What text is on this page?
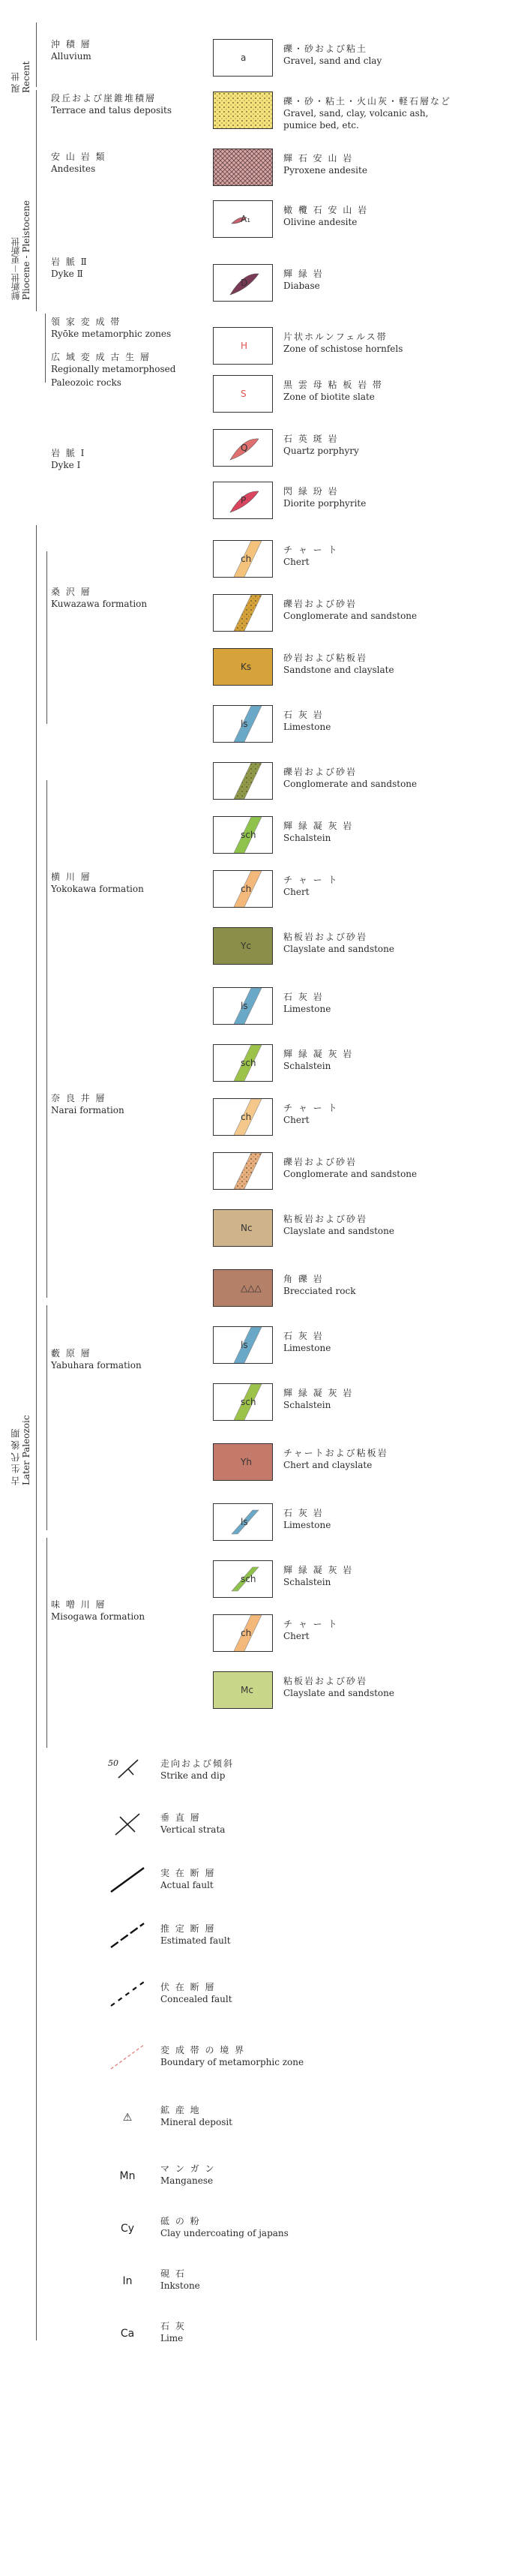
現 世
Recent
鮮新世－更新世
Pliocene - Pleistocene
古 生 代 後 期
Later Paleozoic
沖 積 層
Alluvium
段丘および崖錐堆積層
Terrace and talus deposits
安 山 岩 類
Andesites
岩 脈 Ⅱ
Dyke Ⅱ
領 家 変 成 帯
Ryōke metamorphic zones
広 域 変 成 古 生 層
Regionally metamorphosed
Paleozoic rocks
岩 脈 Ⅰ
Dyke Ⅰ
桑 沢 層
Kuwazawa formation
横 川 層
Yokokawa formation
奈 良 井 層
Narai formation
藪 原 層
Yabuhara formation
味 噌 川 層
Misogawa formation
a
礫・砂および粘土
Gravel, sand and clay
礫・砂・粘土・火山灰・軽石層など
Gravel, sand, clay, volcanic ash,
pumice bed, etc.
輝 石 安 山 岩
Pyroxene andesite
A₁
橄 欖 石 安 山 岩
Olivine andesite
D
輝 緑 岩
Diabase
H
片状ホルンフェルス帯
Zone of schistose hornfels
S
黒 雲 母 粘 板 岩 帯
Zone of biotite slate
Q
石 英 斑 岩
Quartz porphyry
P
閃 緑 玢 岩
Diorite porphyrite
ch
チ ャ ー ト
Chert
礫岩および砂岩
Conglomerate and sandstone
Ks
砂岩および粘板岩
Sandstone and clayslate
ls
石 灰 岩
Limestone
礫岩および砂岩
Conglomerate and sandstone
sch
輝 緑 凝 灰 岩
Schalstein
ch
チ ャ ー ト
Chert
Yc
粘板岩および砂岩
Clayslate and sandstone
ls
石 灰 岩
Limestone
sch
輝 緑 凝 灰 岩
Schalstein
ch
チ ャ ー ト
Chert
礫岩および砂岩
Conglomerate and sandstone
Nc
粘板岩および砂岩
Clayslate and sandstone
△△△
角 礫 岩
Brecciated rock
ls
石 灰 岩
Limestone
sch
輝 緑 凝 灰 岩
Schalstein
Yh
チャートおよび粘板岩
Chert and clayslate
ls
石 灰 岩
Limestone
sch
輝 緑 凝 灰 岩
Schalstein
ch
チ ャ ー ト
Chert
Mc
粘板岩および砂岩
Clayslate and sandstone
50	走向および傾斜
Strike and dip
垂 直 層
Vertical strata
実 在 断 層
Actual fault
推 定 断 層
Estimated fault
伏 在 断 層
Concealed fault
変 成 帯 の 境 界
Boundary of metamorphic zone
⚠
鉱 産 地
Mineral deposit
Mn
マ ン ガ ン
Manganese
Cy
砥 の 粉
Clay undercoating of japans
In
硯 石
Inkstone
Ca
石 灰
Lime
